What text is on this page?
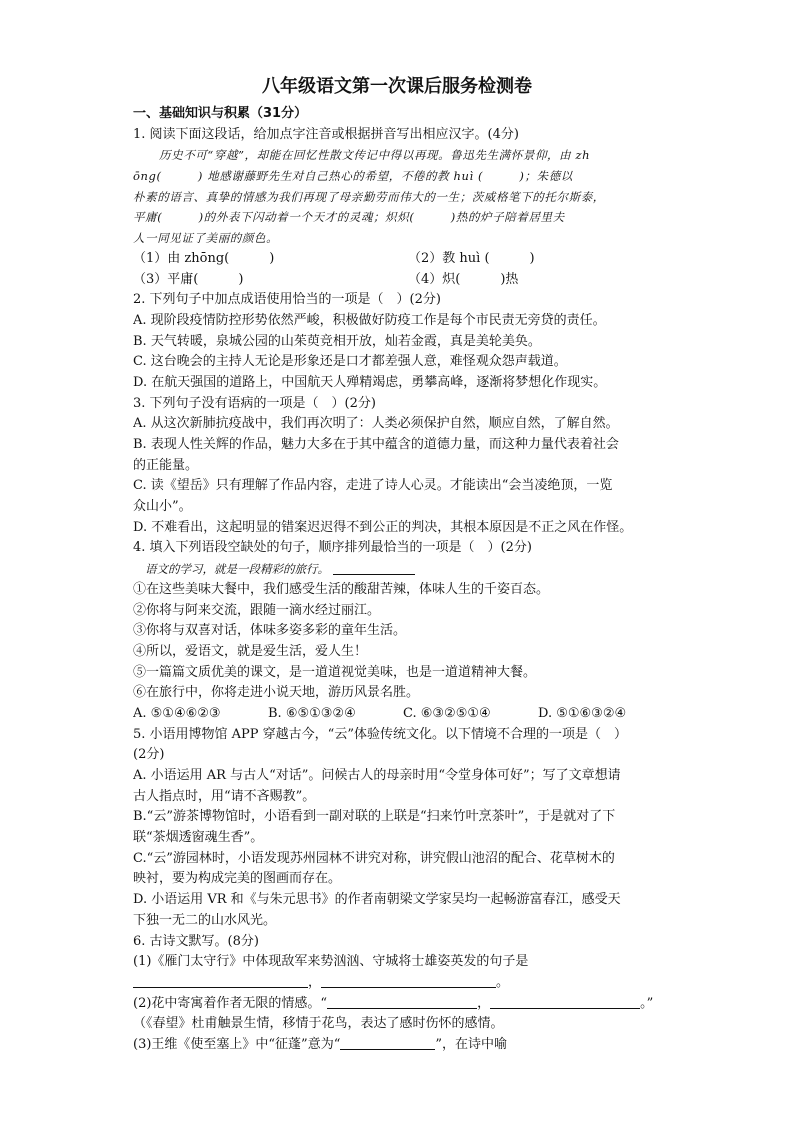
八年级语文第一次课后服务检测卷
一、基础知识与积累（31分）
1. 阅读下面这段话，给加点字注音或根据拼音写出相应汉字。(4分)
历史不可“穿越”，却能在回忆性散文传记中得以再现。鲁迅先生满怀景仰，由 zh
ōng(　　　) 地感谢藤野先生对自己热心的希望，不倦的教 huì (　　　)；朱德以
朴素的语言、真挚的情感为我们再现了母亲勤劳而伟大的一生；茨威格笔下的托尔斯泰，
平庸(　　　)的外表下闪动着一个天才的灵魂；炽炽(　　　)热的炉子陪着居里夫
人一同见证了美丽的颜色。
（1）由 zhōng(	)	（2）教 huì (	)
（3）平庸(	)	（4）炽(	)热
2. 下列句子中加点成语使用恰当的一项是（　）(2分)
A. 现阶段疫情防控形势依然严峻，积极做好防疫工作是每个市民责无旁贷的责任。
B. 天气转暖，泉城公园的山茱萸竞相开放，灿若金霞，真是美轮美奂。
C. 这台晚会的主持人无论是形象还是口才都差强人意，难怪观众怨声载道。
D. 在航天强国的道路上，中国航天人殚精竭虑，勇攀高峰，逐渐将梦想化作现实。
3. 下列句子没有语病的一项是（　）(2分)
A. 从这次新肺抗疫战中，我们再次明了：人类必须保护自然，顺应自然，了解自然。
B. 表现人性关辉的作品，魅力大多在于其中蕴含的道德力量，而这种力量代表着社会
的正能量。
C. 读《望岳》只有理解了作品内容，走进了诗人心灵。才能读出“会当凌绝顶，一览
众山小”。
D. 不难看出，这起明显的错案迟迟得不到公正的判决，其根本原因是不正之风在作怪。
4. 填入下列语段空缺处的句子，顺序排列最恰当的一项是（　）(2分)
语文的学习，就是一段精彩的旅行。
①在这些美味大餐中，我们感受生活的酸甜苦辣，体味人生的千姿百态。
②你将与阿来交流，跟随一滴水经过丽江。
③你将与双喜对话，体味多姿多彩的童年生活。
④所以，爱语文，就是爱生活，爱人生！
⑤一篇篇文质优美的课文，是一道道视觉美味，也是一道道精神大餐。
⑥在旅行中，你将走进小说天地，游历风景名胜。
A. ⑤①④⑥②③	B. ⑥⑤①③②④	C. ⑥③②⑤①④	D. ⑤①⑥③②④
5. 小语用博物馆 APP 穿越古今，“云”体验传统文化。以下情境不合理的一项是（　）
(2分)
A. 小语运用 AR 与古人“对话”。问候古人的母亲时用“令堂身体可好”；写了文章想请
古人指点时，用“请不吝赐教”。
B.“云”游茶博物馆时，小语看到一副对联的上联是“扫来竹叶烹茶叶”，于是就对了下
联“茶烟透窗魂生香”。
C.“云”游园林时，小语发现苏州园林不讲究对称，讲究假山池沼的配合、花草树木的
映衬，要为构成完美的图画而存在。
D. 小语运用 VR 和《与朱元思书》的作者南朝梁文学家吴均一起畅游富春江，感受天
下独一无二的山水风光。
6. 古诗文默写。(8分)
(1)《雁门太守行》中体现敌军来势汹汹、守城将士雄姿英发的句子是
，	。
(2)花中寄寓着作者无限的情感。“	，	。”
（《春望》杜甫触景生情，移情于花鸟，表达了感时伤怀的感情。
(3)王维《使至塞上》中“征蓬”意为“	”，在诗中喻
